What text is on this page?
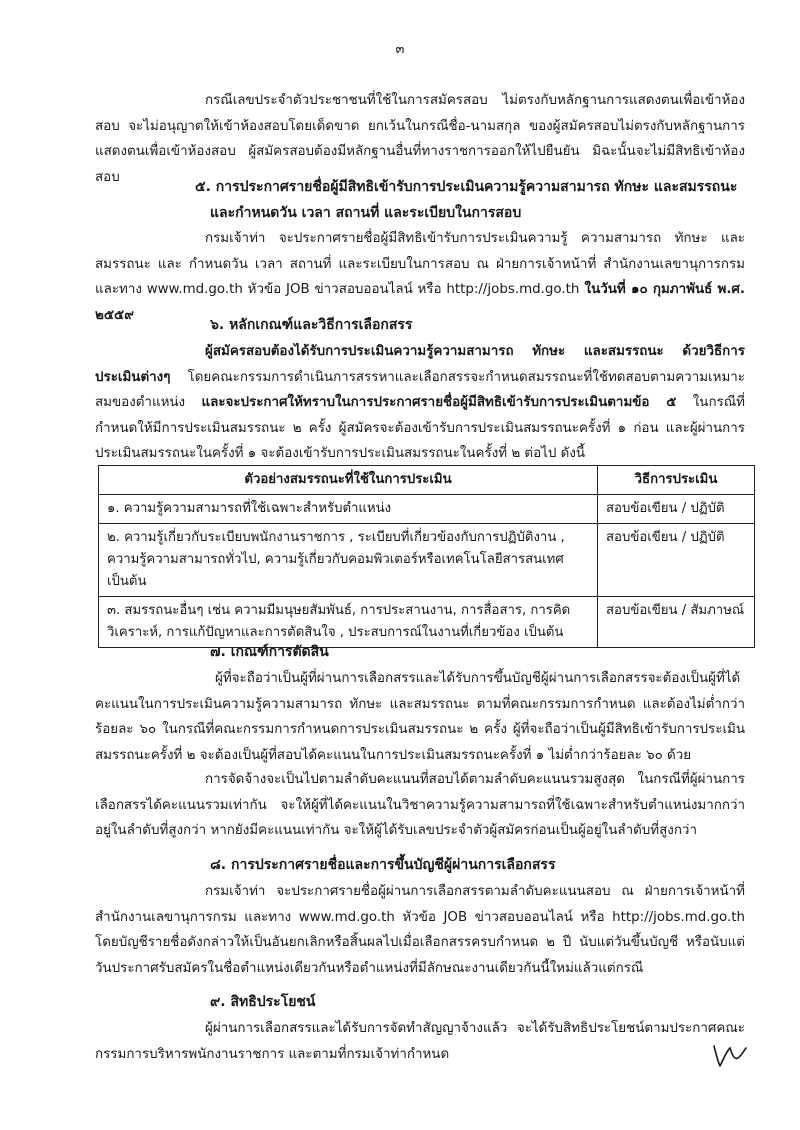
๓

กรณีเลขประจำตัวประชาชนที่ใช้ในการสมัครสอบ ไม่ตรงกับหลักฐานการแสดงตนเพื่อเข้าห้องสอบ จะไม่อนุญาตให้เข้าห้องสอบโดยเด็ดขาด ยกเว้นในกรณีชื่อ-นามสกุล ของผู้สมัครสอบไม่ตรงกับหลักฐานการแสดงตนเพื่อเข้าห้องสอบ ผู้สมัครสอบต้องมีหลักฐานอื่นที่ทางราชการออกให้ไปยืนยัน มิฉะนั้นจะไม่มีสิทธิเข้าห้องสอบ

๕. การประกาศรายชื่อผู้มีสิทธิเข้ารับการประเมินความรู้ความสามารถ ทักษะ และสมรรถนะ และกำหนดวัน เวลา สถานที่ และระเบียบในการสอบ

กรมเจ้าท่า จะประกาศรายชื่อผู้มีสิทธิเข้ารับการประเมินความรู้ ความสามารถ ทักษะ และสมรรถนะ และ กำหนดวัน เวลา สถานที่ และระเบียบในการสอบ ณ ฝ่ายการเจ้าหน้าที่ สำนักงานเลขานุการกรม และทาง www.md.go.th หัวข้อ JOB ข่าวสอบออนไลน์ หรือ http://jobs.md.go.th ในวันที่ ๑๐ กุมภาพันธ์ พ.ศ. ๒๕๕๙

๖. หลักเกณฑ์และวิธีการเลือกสรร

ผู้สมัครสอบต้องได้รับการประเมินความรู้ความสามารถ ทักษะ และสมรรถนะ ด้วยวิธีการประเมินต่างๆ โดยคณะกรรมการดำเนินการสรรหาและเลือกสรรจะกำหนดสมรรถนะที่ใช้ทดสอบตามความเหมาะสมของตำแหน่ง และจะประกาศให้ทราบในการประกาศรายชื่อผู้มีสิทธิเข้ารับการประเมินตามข้อ ๕ ในกรณีที่กำหนดให้มีการประเมินสมรรถนะ ๒ ครั้ง ผู้สมัครจะต้องเข้ารับการประเมินสมรรถนะครั้งที่ ๑ ก่อน และผู้ผ่านการประเมินสมรรถนะในครั้งที่ ๑ จะต้องเข้ารับการประเมินสมรรถนะในครั้งที่ ๒ ต่อไป ดังนี้

ตัวอย่างสมรรถนะที่ใช้ในการประเมิน	วิธีการประเมิน
๑. ความรู้ความสามารถที่ใช้เฉพาะสำหรับตำแหน่ง	สอบข้อเขียน / ปฏิบัติ
๒. ความรู้เกี่ยวกับระเบียบพนักงานราชการ , ระเบียบที่เกี่ยวข้องกับการปฏิบัติงาน , ความรู้ความสามารถทั่วไป, ความรู้เกี่ยวกับคอมพิวเตอร์หรือเทคโนโลยีสารสนเทศ เป็นต้น	สอบข้อเขียน / ปฏิบัติ
๓. สมรรถนะอื่นๆ เช่น ความมีมนุษยสัมพันธ์, การประสานงาน, การสื่อสาร, การคิดวิเคราะห์, การแก้ปัญหาและการตัดสินใจ , ประสบการณ์ในงานที่เกี่ยวข้อง เป็นต้น	สอบข้อเขียน / สัมภาษณ์

๗. เกณฑ์การตัดสิน

ผู้ที่จะถือว่าเป็นผู้ที่ผ่านการเลือกสรรและได้รับการขึ้นบัญชีผู้ผ่านการเลือกสรรจะต้องเป็นผู้ที่ได้คะแนนในการประเมินความรู้ความสามารถ ทักษะ และสมรรถนะ ตามที่คณะกรรมการกำหนด และต้องไม่ต่ำกว่าร้อยละ ๖๐ ในกรณีที่คณะกรรมการกำหนดการประเมินสมรรถนะ ๒ ครั้ง ผู้ที่จะถือว่าเป็นผู้มีสิทธิเข้ารับการประเมินสมรรถนะครั้งที่ ๒ จะต้องเป็นผู้ที่สอบได้คะแนนในการประเมินสมรรถนะครั้งที่ ๑ ไม่ต่ำกว่าร้อยละ ๖๐ ด้วย

การจัดจ้างจะเป็นไปตามลำดับคะแนนที่สอบได้ตามลำดับคะแนนรวมสูงสุด ในกรณีที่ผู้ผ่านการเลือกสรรได้คะแนนรวมเท่ากัน จะให้ผู้ที่ได้คะแนนในวิชาความรู้ความสามารถที่ใช้เฉพาะสำหรับตำแหน่งมากกว่าอยู่ในลำดับที่สูงกว่า หากยังมีคะแนนเท่ากัน จะให้ผู้ได้รับเลขประจำตัวผู้สมัครก่อนเป็นผู้อยู่ในลำดับที่สูงกว่า

๘. การประกาศรายชื่อและการขึ้นบัญชีผู้ผ่านการเลือกสรร

กรมเจ้าท่า จะประกาศรายชื่อผู้ผ่านการเลือกสรรตามลำดับคะแนนสอบ ณ ฝ่ายการเจ้าหน้าที่ สำนักงานเลขานุการกรม และทาง www.md.go.th หัวข้อ JOB ข่าวสอบออนไลน์ หรือ http://jobs.md.go.th โดยบัญชีรายชื่อดังกล่าวให้เป็นอันยกเลิกหรือสิ้นผลไปเมื่อเลือกสรรครบกำหนด ๒ ปี นับแต่วันขึ้นบัญชี หรือนับแต่วันประกาศรับสมัครในชื่อตำแหน่งเดียวกันหรือตำแหน่งที่มีลักษณะงานเดียวกันนี้ใหม่แล้วแต่กรณี

๙. สิทธิประโยชน์

ผู้ผ่านการเลือกสรรและได้รับการจัดทำสัญญาจ้างแล้ว จะได้รับสิทธิประโยชน์ตามประกาศคณะกรรมการบริหารพนักงานราชการ และตามที่กรมเจ้าท่ากำหนด
